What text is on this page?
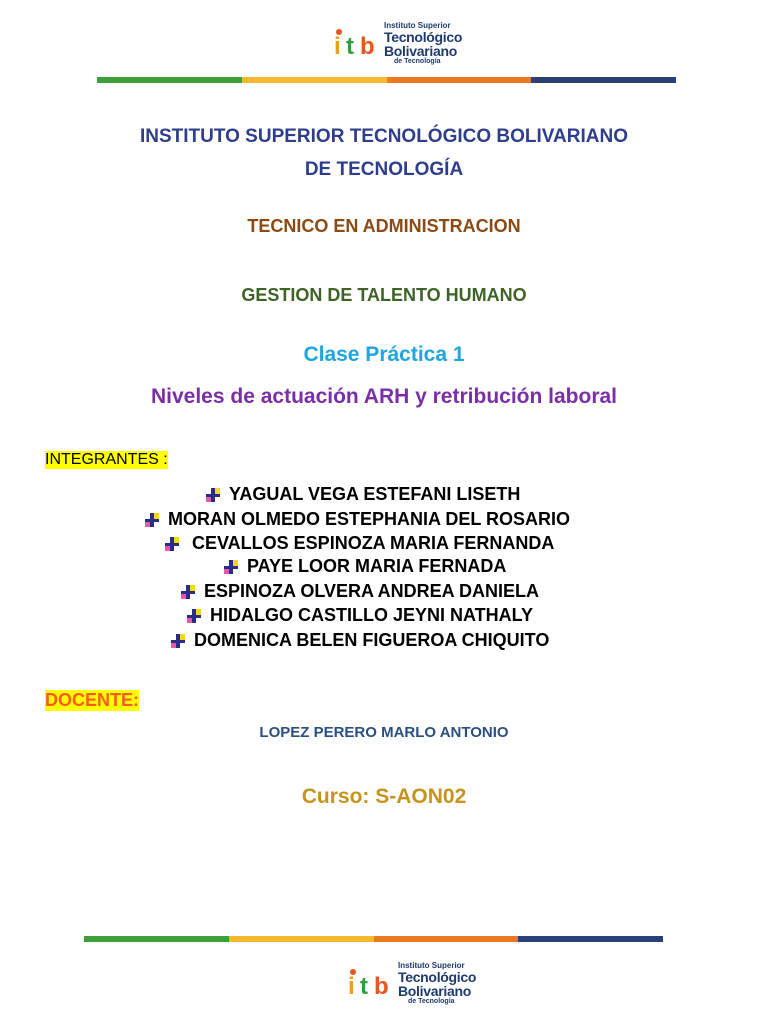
i t b
Instituto Superior
Tecnológico
Bolivariano
de Tecnología
INSTITUTO SUPERIOR TECNOLÓGICO BOLIVARIANO
DE TECNOLOGÍA
TECNICO EN ADMINISTRACION
GESTION DE TALENTO HUMANO
Clase Práctica 1
Niveles de actuación ARH y retribución laboral
INTEGRANTES :
YAGUAL VEGA ESTEFANI LISETH
MORAN OLMEDO ESTEPHANIA DEL ROSARIO
CEVALLOS ESPINOZA MARIA FERNANDA
PAYE LOOR MARIA FERNADA
ESPINOZA OLVERA ANDREA DANIELA
HIDALGO CASTILLO JEYNI NATHALY
DOMENICA BELEN FIGUEROA CHIQUITO
DOCENTE:
LOPEZ PERERO MARLO ANTONIO
Curso: S-AON02
i t b
Instituto Superior
Tecnológico
Bolivariano
de Tecnología
